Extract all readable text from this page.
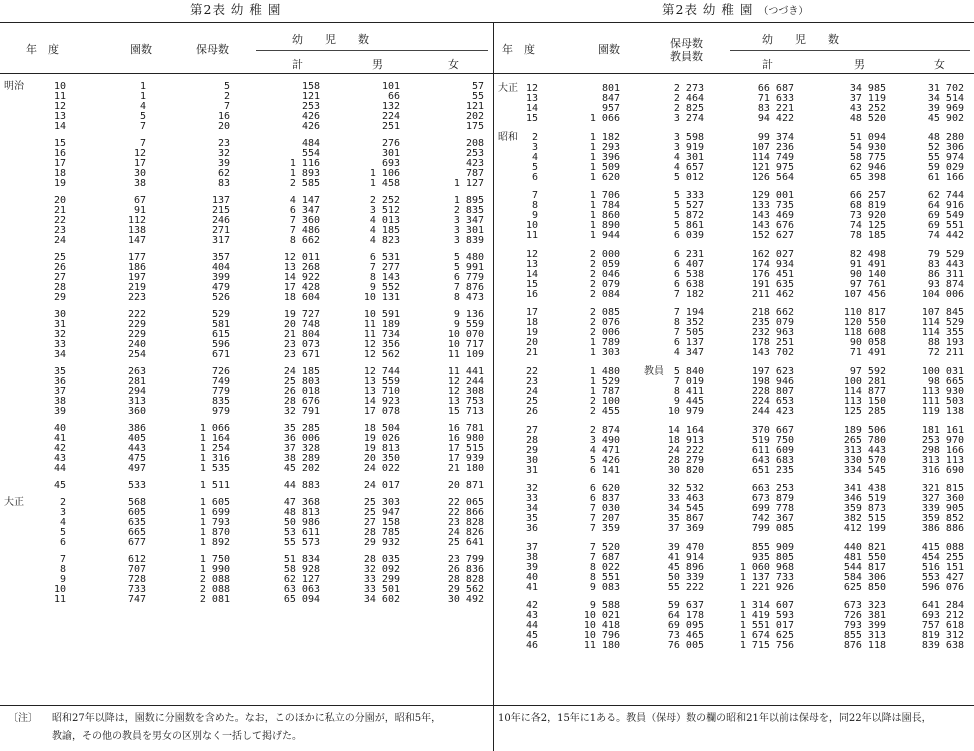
第2表 幼 稚 園
年　度	園数	保母数
幼　　児　　数
計	男	女
明治	10	1	5	158	101	57
11	1	2	121	66	55
12	4	7	253	132	121
13	5	16	426	224	202
14	7	20	426	251	175
15	7	23	484	276	208
16	12	32	554	301	253
17	17	39	1 116	693	423
18	30	62	1 893	1 106	787
19	38	83	2 585	1 458	1 127
20	67	137	4 147	2 252	1 895
21	91	215	6 347	3 512	2 835
22	112	246	7 360	4 013	3 347
23	138	271	7 486	4 185	3 301
24	147	317	8 662	4 823	3 839
25	177	357	12 011	6 531	5 480
26	186	404	13 268	7 277	5 991
27	197	399	14 922	8 143	6 779
28	219	479	17 428	9 552	7 876
29	223	526	18 604	10 131	8 473
30	222	529	19 727	10 591	9 136
31	229	581	20 748	11 189	9 559
32	229	615	21 804	11 734	10 070
33	240	596	23 073	12 356	10 717
34	254	671	23 671	12 562	11 109
35	263	726	24 185	12 744	11 441
36	281	749	25 803	13 559	12 244
37	294	779	26 018	13 710	12 308
38	313	835	28 676	14 923	13 753
39	360	979	32 791	17 078	15 713
40	386	1 066	35 285	18 504	16 781
41	405	1 164	36 006	19 026	16 980
42	443	1 254	37 328	19 813	17 515
43	475	1 316	38 289	20 350	17 939
44	497	1 535	45 202	24 022	21 180
45	533	1 511	44 883	24 017	20 871
大正	2	568	1 605	47 368	25 303	22 065
3	605	1 699	48 813	25 947	22 866
4	635	1 793	50 986	27 158	23 828
5	665	1 870	53 611	28 785	24 826
6	677	1 892	55 573	29 932	25 641
7	612	1 750	51 834	28 035	23 799
8	707	1 990	58 928	32 092	26 836
9	728	2 088	62 127	33 299	28 828
10	733	2 088	63 063	33 501	29 562
11	747	2 081	65 094	34 602	30 492
第2表 幼 稚 園 （つづき）
年　度	園数	保母数
教員数
幼　　児　　数
計	男	女
大正 12	801	2 273	66 687	34 985	31 702
13	847	2 464	71 633	37 119	34 514
14	957	2 825	83 221	43 252	39 969
15	1 066	3 274	94 422	48 520	45 902
昭和 2	1 182	3 598	99 374	51 094	48 280
3	1 293	3 919	107 236	54 930	52 306
4	1 396	4 301	114 749	58 775	55 974
5	1 509	4 657	121 975	62 946	59 029
6	1 620	5 012	126 564	65 398	61 166
7	1 706	5 333	129 001	66 257	62 744
8	1 784	5 527	133 735	68 819	64 916
9	1 860	5 872	143 469	73 920	69 549
10	1 890	5 861	143 676	74 125	69 551
11	1 944	6 039	152 627	78 185	74 442
12	2 000	6 231	162 027	82 498	79 529
13	2 059	6 407	174 934	91 491	83 443
14	2 046	6 538	176 451	90 140	86 311
15	2 079	6 638	191 635	97 761	93 874
16	2 084	7 182	211 462	107 456	104 006
17	2 085	7 194	218 662	110 817	107 845
18	2 076	8 352	235 079	120 550	114 529
19	2 006	7 505	232 963	118 608	114 355
20	1 789	6 137	178 251	90 058	88 193
21	1 303	4 347	143 702	71 491	72 211
22	1 480	5 840	197 623	97 592	100 031
教員
23	1 529	7 019	198 946	100 281	98 665
24	1 787	8 411	228 807	114 877	113 930
25	2 100	9 445	224 653	113 150	111 503
26	2 455	10 979	244 423	125 285	119 138
27	2 874	14 164	370 667	189 506	181 161
28	3 490	18 913	519 750	265 780	253 970
29	4 471	24 222	611 609	313 443	298 166
30	5 426	28 279	643 683	330 570	313 113
31	6 141	30 820	651 235	334 545	316 690
32	6 620	32 532	663 253	341 438	321 815
33	6 837	33 463	673 879	346 519	327 360
34	7 030	34 545	699 778	359 873	339 905
35	7 207	35 867	742 367	382 515	359 852
36	7 359	37 369	799 085	412 199	386 886
37	7 520	39 470	855 909	440 821	415 088
38	7 687	41 914	935 805	481 550	454 255
39	8 022	45 896	1 060 968	544 817	516 151
40	8 551	50 339	1 137 733	584 306	553 427
41	9 083	55 222	1 221 926	625 850	596 076
42	9 588	59 637	1 314 607	673 323	641 284
43	10 021	64 178	1 419 593	726 381	693 212
44	10 418	69 095	1 551 017	793 399	757 618
45	10 796	73 465	1 674 625	855 313	819 312
46	11 180	76 005	1 715 756	876 118	839 638
〔注〕 昭和27年以降は，園数に分園数を含めた。なお，このほかに私立の分園が，昭和5年，	10年に各2，15年に1ある。教員（保母）数の欄の昭和21年以前は保母を，同22年以降は園長，
教諭，その他の教員を男女の区別なく一括して掲げた。
